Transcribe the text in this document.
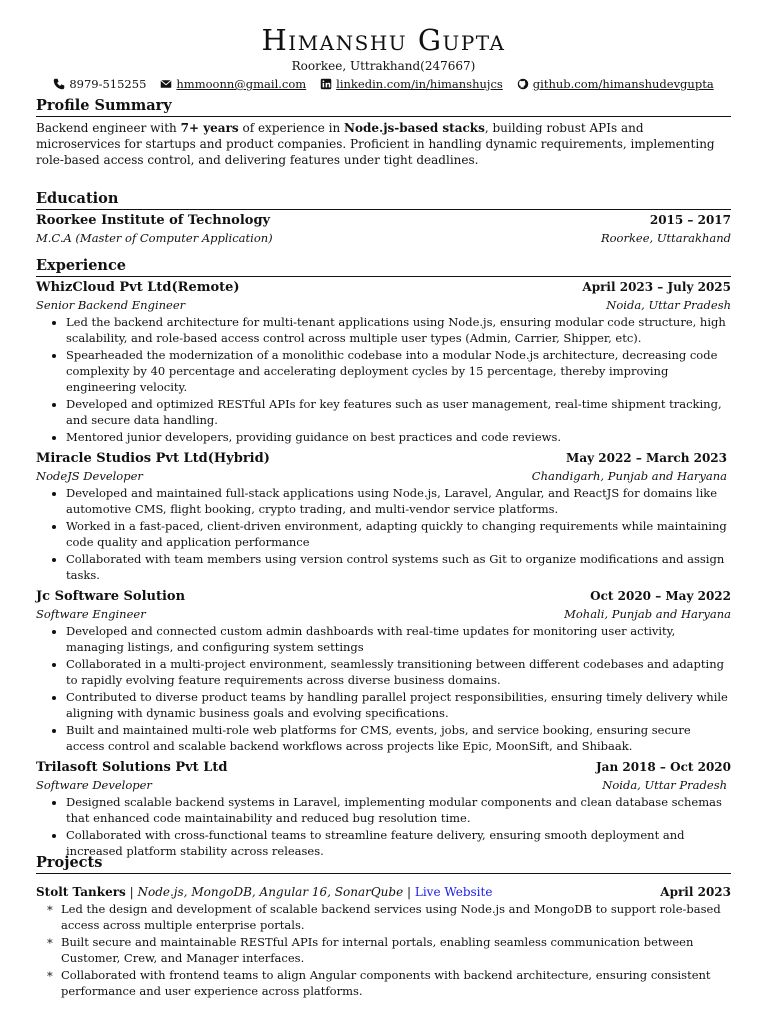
Himanshu Gupta
Roorkee, Uttrakhand(247667)
8979-515255	hmmoonn@gmail.com	linkedin.com/in/himanshujcs	github.com/himanshudevgupta
Profile Summary

Backend engineer with 7+ years of experience in Node.js-based stacks, building robust APIs and microservices for startups and product companies. Proficient in handling dynamic requirements, implementing role-based access control, and delivering features under tight deadlines.

Education
Roorkee Institute of Technology	2015 – 2017
M.C.A (Master of Computer Application)	Roorkee, Uttarakhand
Experience
WhizCloud Pvt Ltd(Remote)	April 2023 – July 2025
Senior Backend Engineer	Noida, Uttar Pradesh
• Led the backend architecture for multi-tenant applications using Node.js, ensuring modular code structure, high scalability, and role-based access control across multiple user types (Admin, Carrier, Shipper, etc).
• Spearheaded the modernization of a monolithic codebase into a modular Node.js architecture, decreasing code complexity by 40 percentage and accelerating deployment cycles by 15 percentage, thereby improving engineering velocity.
• Developed and optimized RESTful APIs for key features such as user management, real-time shipment tracking, and secure data handling.
• Mentored junior developers, providing guidance on best practices and code reviews.
Miracle Studios Pvt Ltd(Hybrid)	May 2022 – March 2023
NodeJS Developer	Chandigarh, Punjab and Haryana
• Developed and maintained full-stack applications using Node.js, Laravel, Angular, and ReactJS for domains like automotive CMS, flight booking, crypto trading, and multi-vendor service platforms.
• Worked in a fast-paced, client-driven environment, adapting quickly to changing requirements while maintaining code quality and application performance
• Collaborated with team members using version control systems such as Git to organize modifications and assign tasks.
Jc Software Solution	Oct 2020 – May 2022
Software Engineer	Mohali, Punjab and Haryana
• Developed and connected custom admin dashboards with real-time updates for monitoring user activity, managing listings, and configuring system settings
• Collaborated in a multi-project environment, seamlessly transitioning between different codebases and adapting to rapidly evolving feature requirements across diverse business domains.
• Contributed to diverse product teams by handling parallel project responsibilities, ensuring timely delivery while aligning with dynamic business goals and evolving specifications.
• Built and maintained multi-role web platforms for CMS, events, jobs, and service booking, ensuring secure access control and scalable backend workflows across projects like Epic, MoonSift, and Shibaak.
Trilasoft Solutions Pvt Ltd	Jan 2018 – Oct 2020
Software Developer	Noida, Uttar Pradesh
• Designed scalable backend systems in Laravel, implementing modular components and clean database schemas that enhanced code maintainability and reduced bug resolution time.
• Collaborated with cross-functional teams to streamline feature delivery, ensuring smooth deployment and increased platform stability across releases.
Projects
Stolt Tankers | Node.js, MongoDB, Angular 16, SonarQube | Live Website	April 2023
* Led the design and development of scalable backend services using Node.js and MongoDB to support role-based access across multiple enterprise portals.
* Built secure and maintainable RESTful APIs for internal portals, enabling seamless communication between Customer, Crew, and Manager interfaces.
* Collaborated with frontend teams to align Angular components with backend architecture, ensuring consistent performance and user experience across platforms.
